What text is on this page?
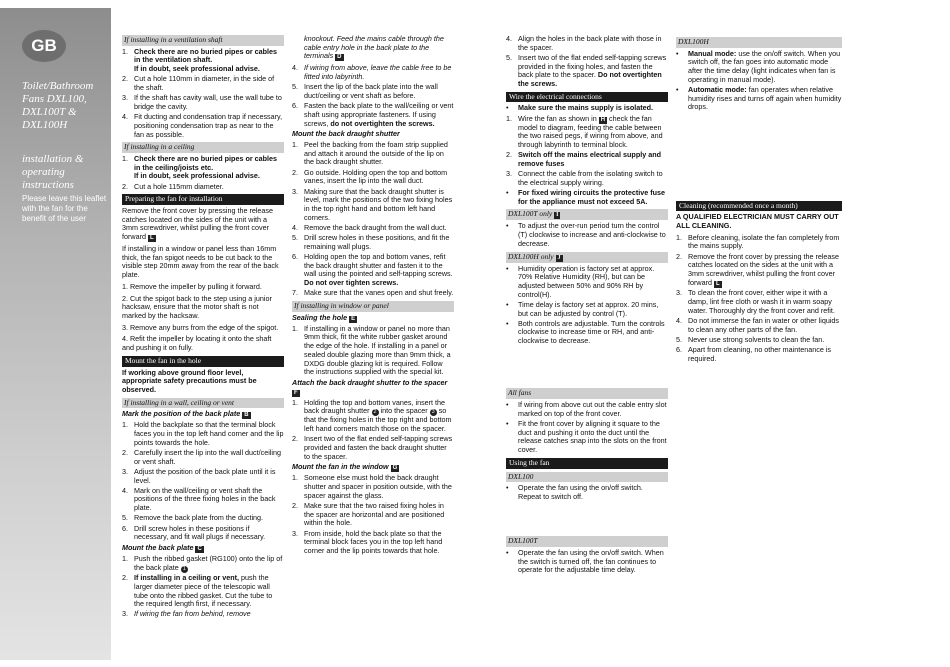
GB
Toilet/Bathroom Fans DXL100, DXL100T & DXL100H
installation & operating instructions
Please leave this leaflet with the fan for the benefit of the user
If installing in a ventilation shaft
1. Check there are no buried pipes or cables in the ventilation shaft.
If in doubt, seek professional advise.
2. Cut a hole 110mm in diameter, in the side of the shaft.
3. If the shaft has cavity wall, use the wall tube to bridge the cavity.
4. Fit ducting and condensation trap if necessary, positioning condensation trap as near to the fan as possible.
If installing in a ceiling
1. Check there are no buried pipes or cables in the ceiling/joists etc.
If in doubt, seek professional advise.
2. Cut a hole 115mm diameter.
Preparing the fan for installation

Remove the front cover by pressing the release catches located on the sides of the unit with a 3mm screwdriver, whilst pulling the front cover forward L

If installing in a window or panel less than 16mm thick, the fan spigot needs to be cut back to the visible step 20mm away from the rear of the back plate.

1. Remove the impeller by pulling it forward.

2. Cut the spigot back to the step using a junior hacksaw, ensure that the motor shaft is not marked by the hacksaw.

3. Remove any burrs from the edge of the spigot.

4. Refit the impeller by locating it onto the shaft and pushing it on fully.

Mount the fan in the hole

If working above ground floor level, appropriate safety precautions must be observed.

If installing in a wall, ceiling or vent
Mark the position of the back plate B
1. Hold the backplate so that the terminal block faces you in the top left hand corner and the lip points towards the hole.
2. Carefully insert the lip into the wall duct/ceiling or vent shaft.
3. Adjust the position of the back plate until it is level.
4. Mark on the wall/ceiling or vent shaft the positions of the three fixing holes in the back plate.
5. Remove the back plate from the ducting.
6. Drill screw holes in these positions if necessary, and fit wall plugs if necessary.
Mount the back plate C
1. Push the ribbed gasket (RG100) onto the lip of the back plate 1
2. If installing in a ceiling or vent, push the larger diameter piece of the telescopic wall tube onto the ribbed gasket. Cut the tube to the required length first, if necessary.
3. If wiring the fan from behind, remove

knockout. Feed the mains cable through the cable entry hole in the back plate to the terminals D

4. If wiring from above, leave the cable free to be fitted into labyrinth.
5. Insert the lip of the back plate into the wall duct/ceiling or vent shaft as before.
6. Fasten the back plate to the wall/ceiling or vent shaft using appropriate fasteners. If using screws, do not overtighten the screws.
Mount the back draught shutter
1. Peel the backing from the foam strip supplied and attach it around the outside of the lip on the back draught shutter.
2. Go outside. Holding open the top and bottom vanes, insert the lip into the wall duct.
3. Making sure that the back draught shutter is level, mark the positions of the two fixing holes in the top right hand and bottom left hand corners.
4. Remove the back draught from the wall duct.
5. Drill screw holes in these positions, and fit the remaining wall plugs.
6. Holding open the top and bottom vanes, refit the back draught shutter and fasten it to the wall using the pointed and self-tapping screws. Do not over tighten screws.
7. Make sure that the vanes open and shut freely.
If installing in window or panel
Sealing the hole E
1. If installing in a window or panel no more than 9mm thick, fit the white rubber gasket around the edge of the hole. If installing in a panel or sealed double glazing more than 9mm thick, a DXDG double glazing kit is required. Follow the instructions supplied with the special kit.
Attach the back draught shutter to the spacer F
1. Holding the top and bottom vanes, insert the back draught shutter 2 into the spacer 3 so that the fixing holes in the top right and bottom left hand corners match those on the spacer.
2. Insert two of the flat ended self-tapping screws provided and fasten the back draught shutter to the spacer.
Mount the fan in the window G
1. Someone else must hold the back draught shutter and spacer in position outside, with the spacer against the glass.
2. Make sure that the two raised fixing holes in the spacer are horizontal and are positioned within the hole.
3. From inside, hold the back plate so that the terminal block faces you in the top left hand corner and the lip points towards that hole.
4. Align the holes in the back plate with those in the spacer.
5. Insert two of the flat ended self-tapping screws provided in the fixing holes, and fasten the back plate to the spacer. Do not overtighten the screws.
Wire the electrical connections
• Make sure the mains supply is isolated.
1. Wire the fan as shown in H check the fan model to diagram, feeding the cable between the two raised pegs, if wiring from above, and through labyrinth to terminal block.
2. Switch off the mains electrical supply and remove fuses
3. Connect the cable from the isolating switch to the electrical supply wiring.
• For fixed wiring circuits the protective fuse for the appliance must not exceed 5A.
DXL100T only I
• To adjust the over-run period turn the control (T) clockwise to increase and anti-clockwise to decrease.
DXL100H only J
• Humidity operation is factory set at approx. 70% Relative Humidity (RH), but can be adjusted between 50% and 90% RH by control(H).
• Time delay is factory set at approx. 20 mins, but can be adjusted by control (T).
• Both controls are adjustable. Turn the controls clockwise to increase time or RH, and anti-clockwise to decrease.
All fans
• If wiring from above cut out the cable entry slot marked on top of the front cover.
• Fit the front cover by aligning it square to the duct and pushing it onto the duct until the release catches snap into the slots on the front cover.
Using the fan
DXL100
• Operate the fan using the on/off switch. Repeat to switch off.
DXL100T
• Operate the fan using the on/off switch. When the switch is turned off, the fan continues to operate for the adjustable time delay.
DXL100H
• Manual mode: use the on/off switch. When you switch off, the fan goes into automatic mode after the time delay (light indicates when fan is operating in manual mode).
• Automatic mode: fan operates when relative humidity rises and turns off again when humidity drops.
Cleaning (recommended once a month)

A QUALIFIED ELECTRICIAN MUST CARRY OUT ALL CLEANING.

1. Before cleaning, isolate the fan completely from the mains supply.
2. Remove the front cover by pressing the release catches located on the sides at the unit with a 3mm screwdriver, whilst pulling the front cover forward L
3. To clean the front cover, either wipe it with a damp, lint free cloth or wash it in warm soapy water. Thoroughly dry the front cover and refit.
4. Do not immerse the fan in water or other liquids to clean any other parts of the fan.
5. Never use strong solvents to clean the fan.
6. Apart from cleaning, no other maintenance is required.
